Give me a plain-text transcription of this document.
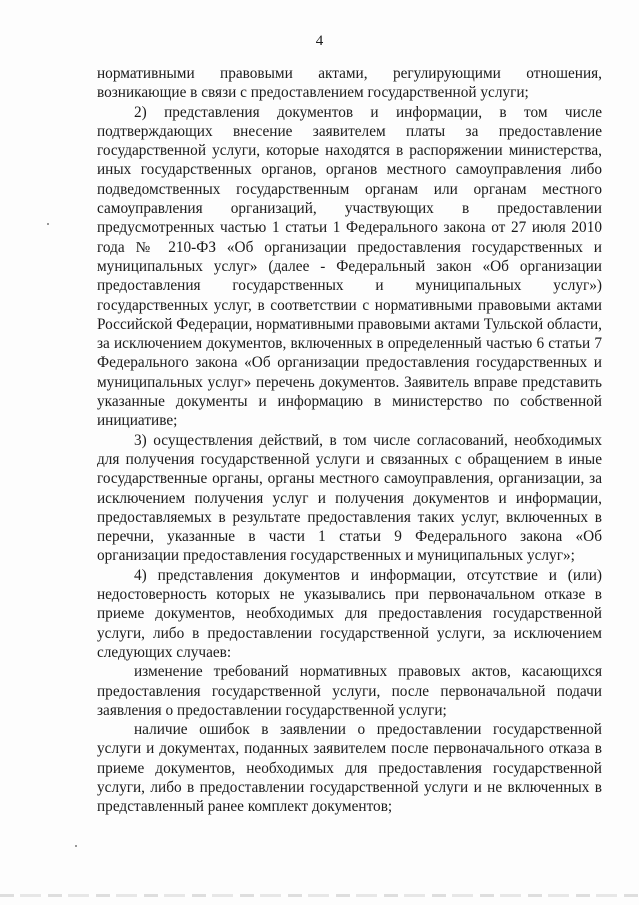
4

нормативными правовыми актами, регулирующими отношения, возникающие в связи с предоставлением государственной услуги;

2) представления документов и информации, в том числе подтверждающих внесение заявителем платы за предоставление государственной услуги, которые находятся в распоряжении министерства, иных государственных органов, органов местного самоуправления либо подведомственных государственным органам или органам местного самоуправления организаций, участвующих в предоставлении предусмотренных частью 1 статьи 1 Федерального закона от 27 июля 2010 года № 210-ФЗ «Об организации предоставления государственных и муниципальных услуг» (далее - Федеральный закон «Об организации предоставления государственных и муниципальных услуг») государственных услуг, в соответствии с нормативными правовыми актами Российской Федерации, нормативными правовыми актами Тульской области, за исключением документов, включенных в определенный частью 6 статьи 7 Федерального закона «Об организации предоставления государственных и муниципальных услуг» перечень документов. Заявитель вправе представить указанные документы и информацию в министерство по собственной инициативе;

3) осуществления действий, в том числе согласований, необходимых для получения государственной услуги и связанных с обращением в иные государственные органы, органы местного самоуправления, организации, за исключением получения услуг и получения документов и информации, предоставляемых в результате предоставления таких услуг, включенных в перечни, указанные в части 1 статьи 9 Федерального закона «Об организации предоставления государственных и муниципальных услуг»;

4) представления документов и информации, отсутствие и (или) недостоверность которых не указывались при первоначальном отказе в приеме документов, необходимых для предоставления государственной услуги, либо в предоставлении государственной услуги, за исключением следующих случаев:

изменение требований нормативных правовых актов, касающихся предоставления государственной услуги, после первоначальной подачи заявления о предоставлении государственной услуги;

наличие ошибок в заявлении о предоставлении государственной услуги и документах, поданных заявителем после первоначального отказа в приеме документов, необходимых для предоставления государственной услуги, либо в предоставлении государственной услуги и не включенных в представленный ранее комплект документов;
